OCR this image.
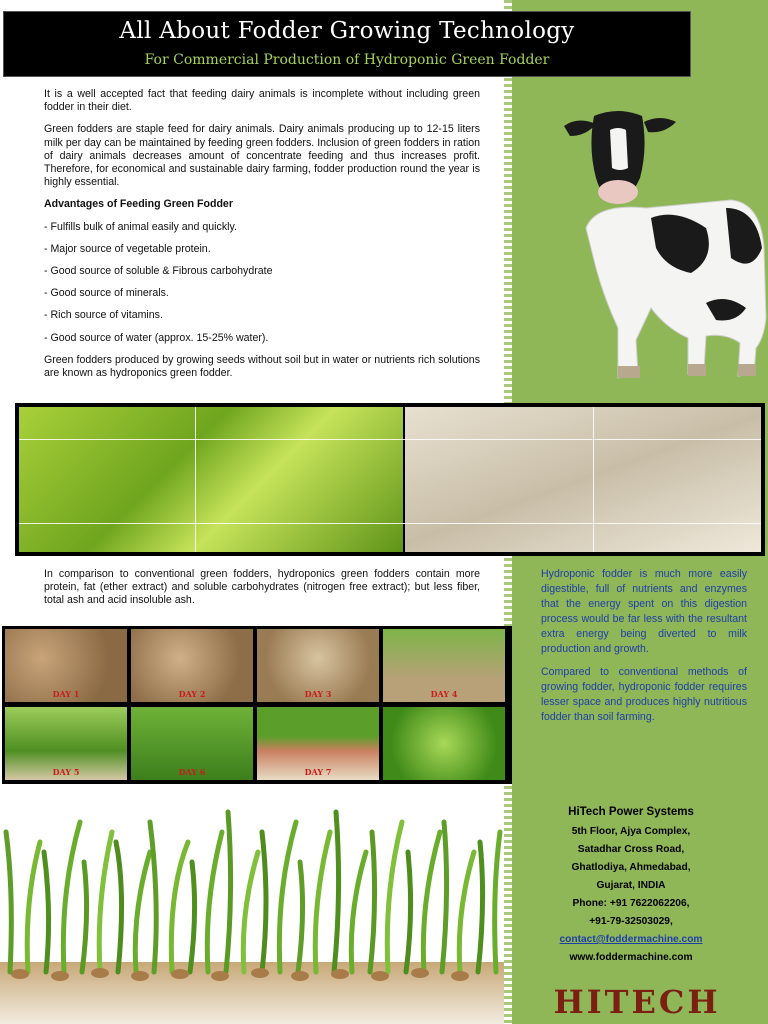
All About Fodder Growing Technology
For Commercial Production of Hydroponic Green Fodder

It is a well accepted fact that feeding dairy animals is incomplete without including green fodder in their diet.

Green fodders are staple feed for dairy animals. Dairy animals producing up to 12-15 liters milk per day can be maintained by feeding green fodders. Inclusion of green fodders in ration of dairy animals decreases amount of concentrate feeding and thus increases profit. Therefore, for economical and sustainable dairy farming, fodder production round the year is highly essential.

Advantages of Feeding Green Fodder

- Fulfills bulk of animal easily and quickly.
- Major source of vegetable protein.
- Good source of soluble & Fibrous carbohydrate
- Good source of minerals.
- Rich source of vitamins.
- Good source of water (approx. 15-25% water).

Green fodders produced by growing seeds without soil but in water or nutrients rich solutions are known as hydroponics green fodder.

In comparison to conventional green fodders, hydroponics green fodders contain more protein, fat (ether extract) and soluble carbohydrates (nitrogen free extract); but less fiber, total ash and acid insoluble ash.
DAY 1	DAY 2	DAY 3	DAY 4
DAY 5	DAY 6	DAY 7

Hydroponic fodder is much more easily digestible, full of nutrients and enzymes that the energy spent on this digestion process would be far less with the resultant extra energy being diverted to milk production and growth.

Compared to conventional methods of growing fodder, hydroponic fodder requires lesser space and produces highly nutritious fodder than soil farming.

HiTech Power Systems
5th Floor, Ajya Complex,
Satadhar Cross Road,
Ghatlodiya, Ahmedabad,
Gujarat, INDIA
Phone: +91 7622062206,
+91-79-32503029,
contact@foddermachine.com
www.foddermachine.com
HITECH
